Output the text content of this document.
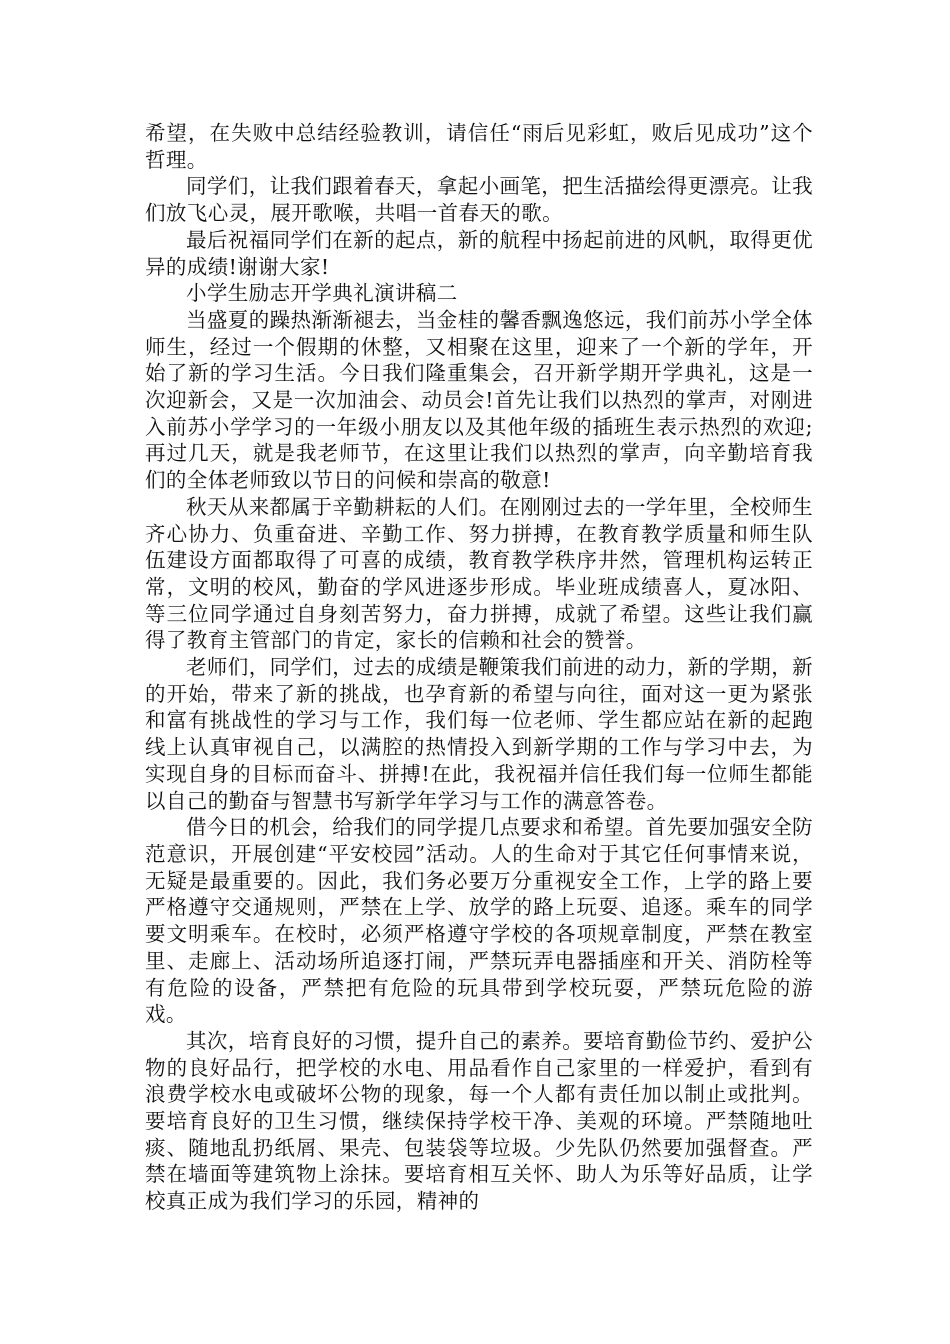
希望，在失败中总结经验教训，请信任“雨后见彩虹，败后见成功”这个哲理。

同学们，让我们跟着春天，拿起小画笔，把生活描绘得更漂亮。让我们放飞心灵，展开歌喉，共唱一首春天的歌。

最后祝福同学们在新的起点，新的航程中扬起前进的风帆，取得更优异的成绩!谢谢大家!

小学生励志开学典礼演讲稿二

当盛夏的躁热渐渐褪去，当金桂的馨香飘逸悠远，我们前苏小学全体师生，经过一个假期的休整，又相聚在这里，迎来了一个新的学年，开始了新的学习生活。今日我们隆重集会，召开新学期开学典礼，这是一次迎新会，又是一次加油会、动员会!首先让我们以热烈的掌声，对刚进入前苏小学学习的一年级小朋友以及其他年级的插班生表示热烈的欢迎;再过几天，就是我老师节，在这里让我们以热烈的掌声，向辛勤培育我们的全体老师致以节日的问候和崇高的敬意!

秋天从来都属于辛勤耕耘的人们。在刚刚过去的一学年里，全校师生齐心协力、负重奋进、辛勤工作、努力拼搏，在教育教学质量和师生队伍建设方面都取得了可喜的成绩，教育教学秩序井然，管理机构运转正常，文明的校风，勤奋的学风进逐步形成。毕业班成绩喜人，夏冰阳、等三位同学通过自身刻苦努力，奋力拼搏，成就了希望。这些让我们赢得了教育主管部门的肯定，家长的信赖和社会的赞誉。

老师们，同学们，过去的成绩是鞭策我们前进的动力，新的学期，新的开始，带来了新的挑战，也孕育新的希望与向往，面对这一更为紧张和富有挑战性的学习与工作，我们每一位老师、学生都应站在新的起跑线上认真审视自己，以满腔的热情投入到新学期的工作与学习中去，为实现自身的目标而奋斗、拼搏!在此，我祝福并信任我们每一位师生都能以自己的勤奋与智慧书写新学年学习与工作的满意答卷。

借今日的机会，给我们的同学提几点要求和希望。首先要加强安全防范意识，开展创建“平安校园”活动。人的生命对于其它任何事情来说，无疑是最重要的。因此，我们务必要万分重视安全工作，上学的路上要严格遵守交通规则，严禁在上学、放学的路上玩耍、追逐。乘车的同学要文明乘车。在校时，必须严格遵守学校的各项规章制度，严禁在教室里、走廊上、活动场所追逐打闹，严禁玩弄电器插座和开关、消防栓等有危险的设备，严禁把有危险的玩具带到学校玩耍，严禁玩危险的游戏。

其次，培育良好的习惯，提升自己的素养。要培育勤俭节约、爱护公物的良好品行，把学校的水电、用品看作自己家里的一样爱护，看到有浪费学校水电或破坏公物的现象，每一个人都有责任加以制止或批判。要培育良好的卫生习惯，继续保持学校干净、美观的环境。严禁随地吐痰、随地乱扔纸屑、果壳、包装袋等垃圾。少先队仍然要加强督查。严禁在墙面等建筑物上涂抹。要培育相互关怀、助人为乐等好品质，让学校真正成为我们学习的乐园，精神的
